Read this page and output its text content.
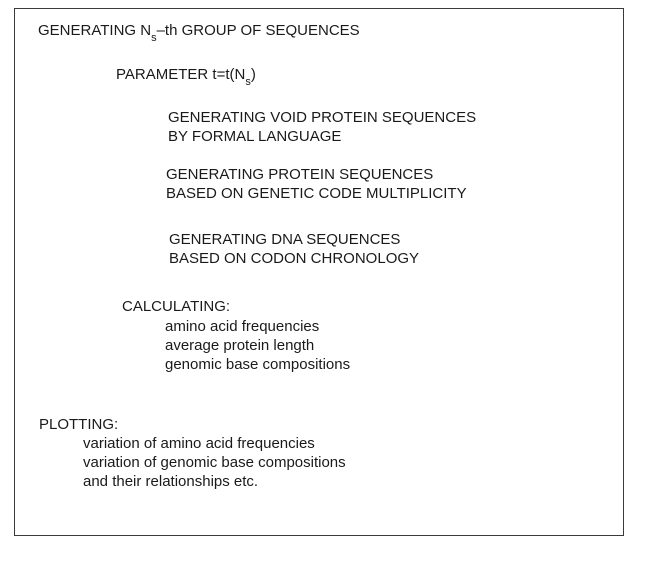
GENERATING $N_s-th$ GROUP OF SEQUENCES
PARAMETER $t=t(N_s)$
GENERATING VOID PROTEIN SEQUENCES
BY FORMAL LANGUAGE
GENERATING PROTEIN SEQUENCES
BASED ON GENETIC CODE MULTIPLICITY
GENERATING DNA SEQUENCES
BASED ON CODON CHRONOLOGY
CALCULATING:
amino acid frequencies
average protein length
genomic base compositions
PLOTTING:
variation of amino acid frequencies
variation of genomic base compositions
and their relationships etc.
